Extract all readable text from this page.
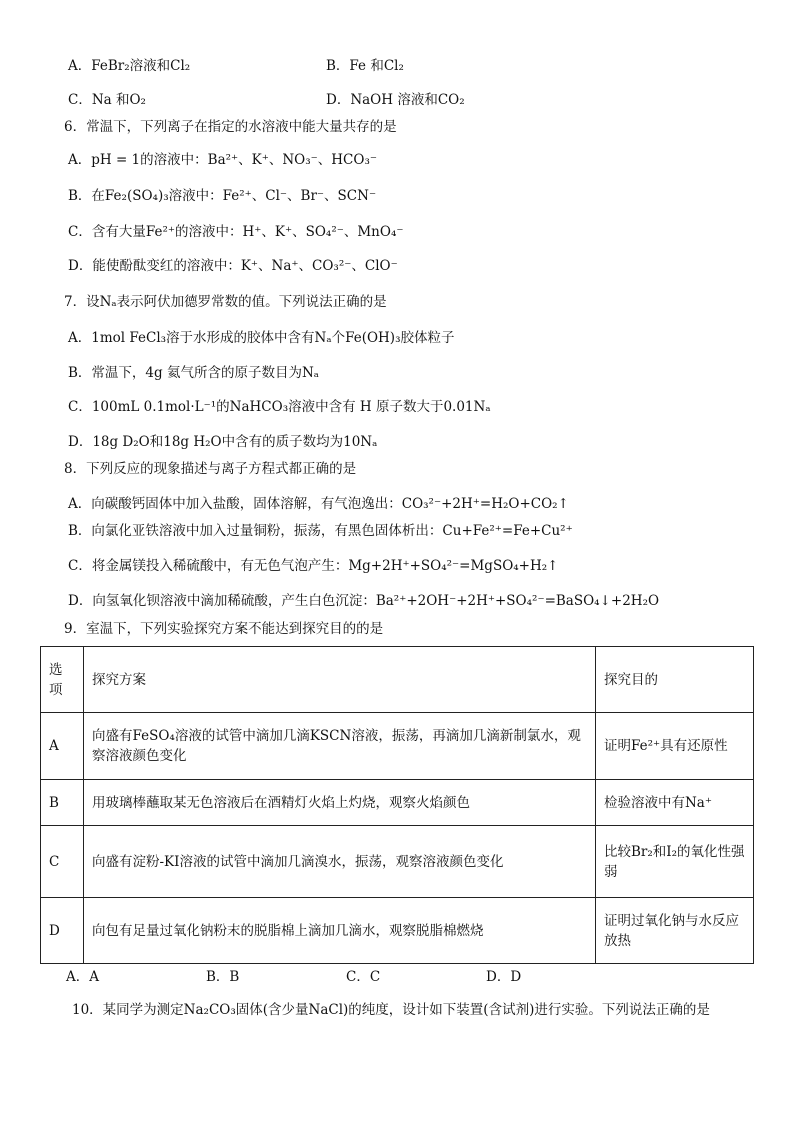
A．FeBr₂溶液和Cl₂	B．Fe 和Cl₂
C．Na 和O₂	D．NaOH 溶液和CO₂
6．常温下，下列离子在指定的水溶液中能大量共存的是
A．pH = 1的溶液中：Ba²⁺、K⁺、NO₃⁻、HCO₃⁻
B．在Fe₂(SO₄)₃溶液中：Fe²⁺、Cl⁻、Br⁻、SCN⁻
C．含有大量Fe²⁺的溶液中：H⁺、K⁺、SO₄²⁻、MnO₄⁻
D．能使酚酞变红的溶液中：K⁺、Na⁺、CO₃²⁻、ClO⁻
7．设Nₐ表示阿伏加德罗常数的值。下列说法正确的是
A．1mol FeCl₃溶于水形成的胶体中含有Nₐ个Fe(OH)₃胶体粒子
B．常温下，4g 氦气所含的原子数目为Nₐ
C．100mL 0.1mol·L⁻¹的NaHCO₃溶液中含有 H 原子数大于0.01Nₐ
D．18g D₂O和18g H₂O中含有的质子数均为10Nₐ
8．下列反应的现象描述与离子方程式都正确的是
A．向碳酸钙固体中加入盐酸，固体溶解，有气泡逸出：CO₃²⁻+2H⁺=H₂O+CO₂↑
B．向氯化亚铁溶液中加入过量铜粉，振荡，有黑色固体析出：Cu+Fe²⁺=Fe+Cu²⁺
C．将金属镁投入稀硫酸中，有无色气泡产生：Mg+2H⁺+SO₄²⁻=MgSO₄+H₂↑
D．向氢氧化钡溶液中滴加稀硫酸，产生白色沉淀：Ba²⁺+2OH⁻+2H⁺+SO₄²⁻=BaSO₄↓+2H₂O
9．室温下，下列实验探究方案不能达到探究目的的是
选项	探究方案	探究目的
A	向盛有FeSO₄溶液的试管中滴加几滴KSCN溶液，振荡，再滴加几滴新制氯水，观察溶液颜色变化	证明Fe²⁺具有还原性
B	用玻璃棒蘸取某无色溶液后在酒精灯火焰上灼烧，观察火焰颜色	检验溶液中有Na⁺
C	向盛有淀粉-KI溶液的试管中滴加几滴溴水，振荡，观察溶液颜色变化	比较Br₂和I₂的氧化性强弱
D	向包有足量过氧化钠粉末的脱脂棉上滴加几滴水，观察脱脂棉燃烧	证明过氧化钠与水反应放热
A．A	B．B	C．C	D．D
10．某同学为测定Na₂CO₃固体(含少量NaCl)的纯度，设计如下装置(含试剂)进行实验。下列说法正确的是
